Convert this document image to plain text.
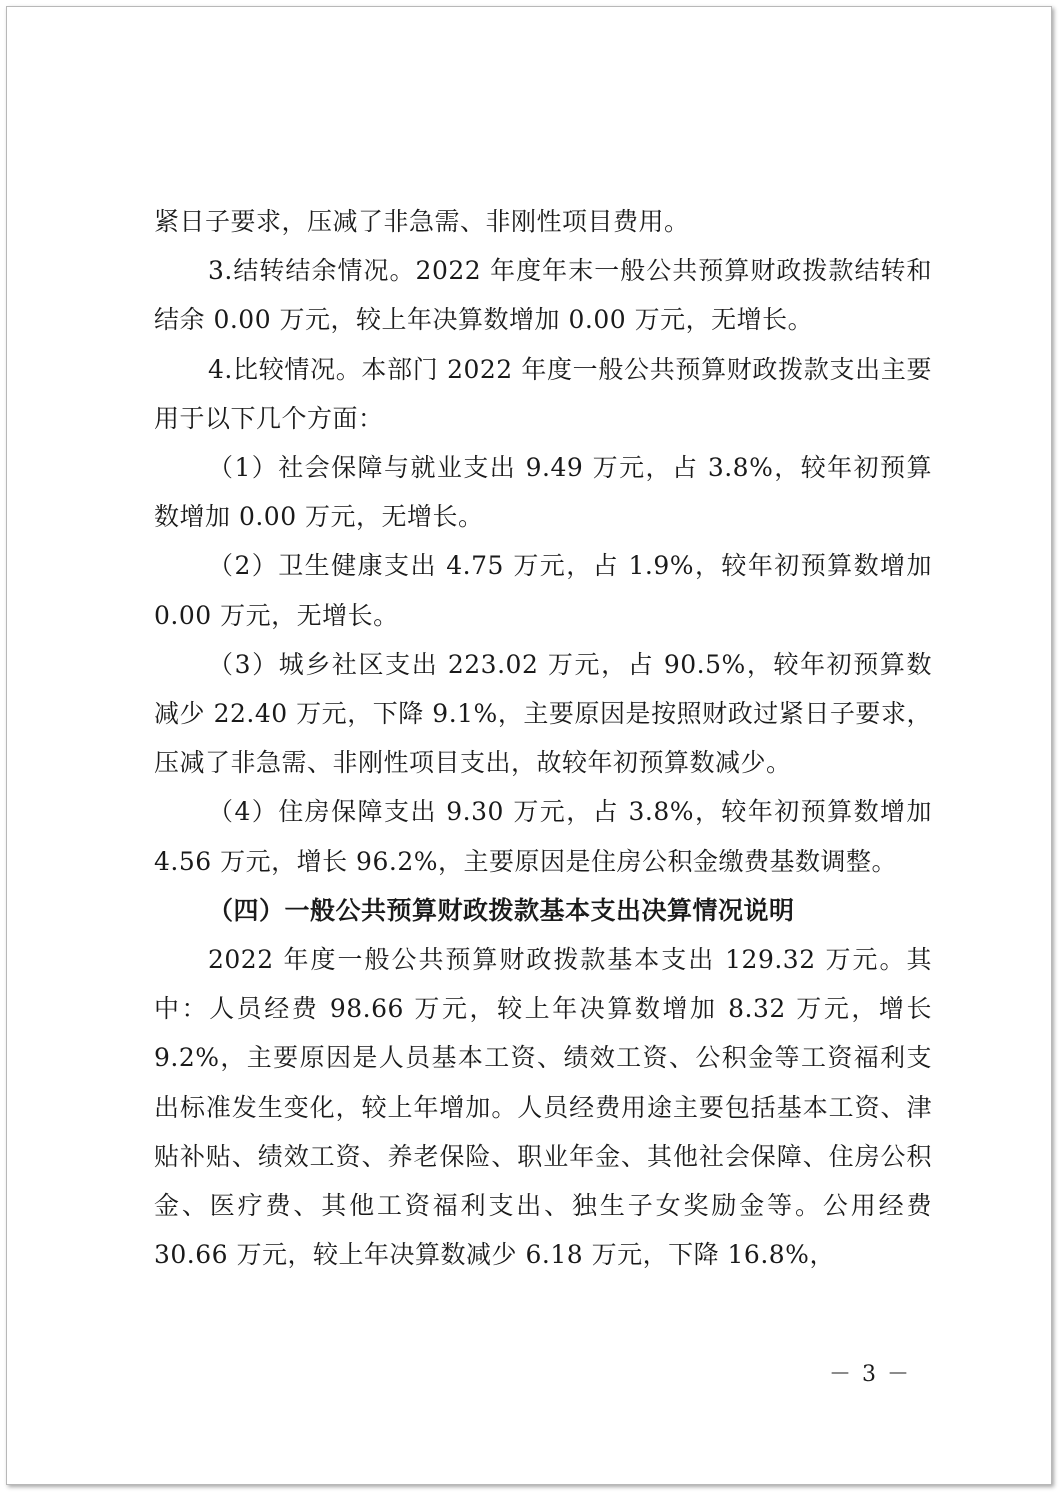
紧日子要求，压减了非急需、非刚性项目费用。

3.结转结余情况。2022 年度年末一般公共预算财政拨款结转和结余 0.00 万元，较上年决算数增加 0.00 万元，无增长。

4.比较情况。本部门 2022 年度一般公共预算财政拨款支出主要用于以下几个方面：

（1）社会保障与就业支出 9.49 万元，占 3.8%，较年初预算数增加 0.00 万元，无增长。

（2）卫生健康支出 4.75 万元，占 1.9%，较年初预算数增加 0.00 万元，无增长。

（3）城乡社区支出 223.02 万元，占 90.5%，较年初预算数减少 22.40 万元，下降 9.1%，主要原因是按照财政过紧日子要求，压减了非急需、非刚性项目支出，故较年初预算数减少。

（4）住房保障支出 9.30 万元，占 3.8%，较年初预算数增加 4.56 万元，增长 96.2%，主要原因是住房公积金缴费基数调整。

（四）一般公共预算财政拨款基本支出决算情况说明

2022 年度一般公共预算财政拨款基本支出 129.32 万元。其中：人员经费 98.66 万元，较上年决算数增加 8.32 万元，增长 9.2%，主要原因是人员基本工资、绩效工资、公积金等工资福利支出标准发生变化，较上年增加。人员经费用途主要包括基本工资、津贴补贴、绩效工资、养老保险、职业年金、其他社会保障、住房公积金、医疗费、其他工资福利支出、独生子女奖励金等。公用经费 30.66 万元，较上年决算数减少 6.18 万元，下降 16.8%，

－ 3 －
